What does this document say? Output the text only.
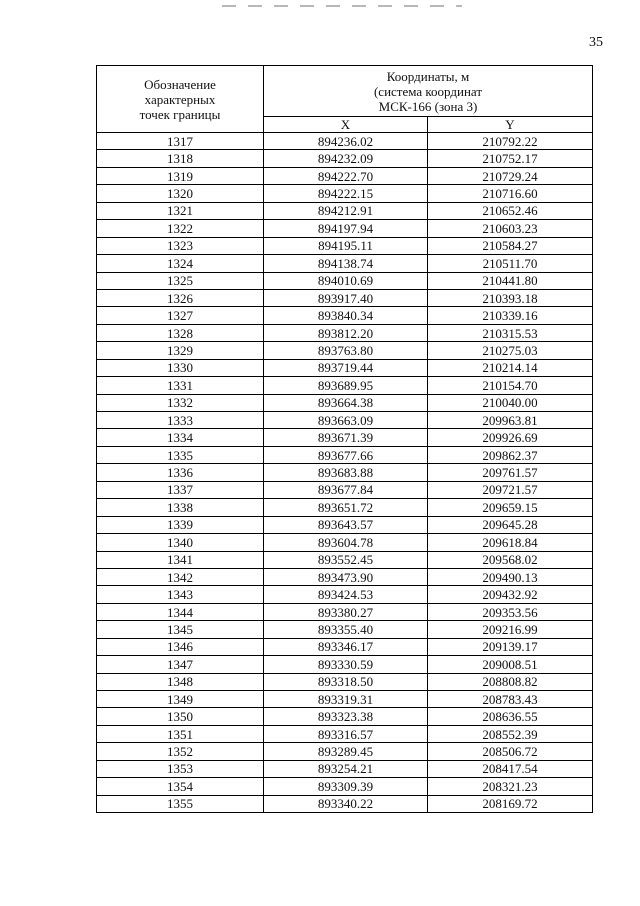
35
Обозначение
характерных
точек границы	Координаты, м
(система координат
МСК-166 (зона 3)	

	X	Y
1317	894236.02	210792.22
1318	894232.09	210752.17
1319	894222.70	210729.24
1320	894222.15	210716.60
1321	894212.91	210652.46
1322	894197.94	210603.23
1323	894195.11	210584.27
1324	894138.74	210511.70
1325	894010.69	210441.80
1326	893917.40	210393.18
1327	893840.34	210339.16
1328	893812.20	210315.53
1329	893763.80	210275.03
1330	893719.44	210214.14
1331	893689.95	210154.70
1332	893664.38	210040.00
1333	893663.09	209963.81
1334	893671.39	209926.69
1335	893677.66	209862.37
1336	893683.88	209761.57
1337	893677.84	209721.57
1338	893651.72	209659.15
1339	893643.57	209645.28
1340	893604.78	209618.84
1341	893552.45	209568.02
1342	893473.90	209490.13
1343	893424.53	209432.92
1344	893380.27	209353.56
1345	893355.40	209216.99
1346	893346.17	209139.17
1347	893330.59	209008.51
1348	893318.50	208808.82
1349	893319.31	208783.43
1350	893323.38	208636.55
1351	893316.57	208552.39
1352	893289.45	208506.72
1353	893254.21	208417.54
1354	893309.39	208321.23
1355	893340.22	208169.72
